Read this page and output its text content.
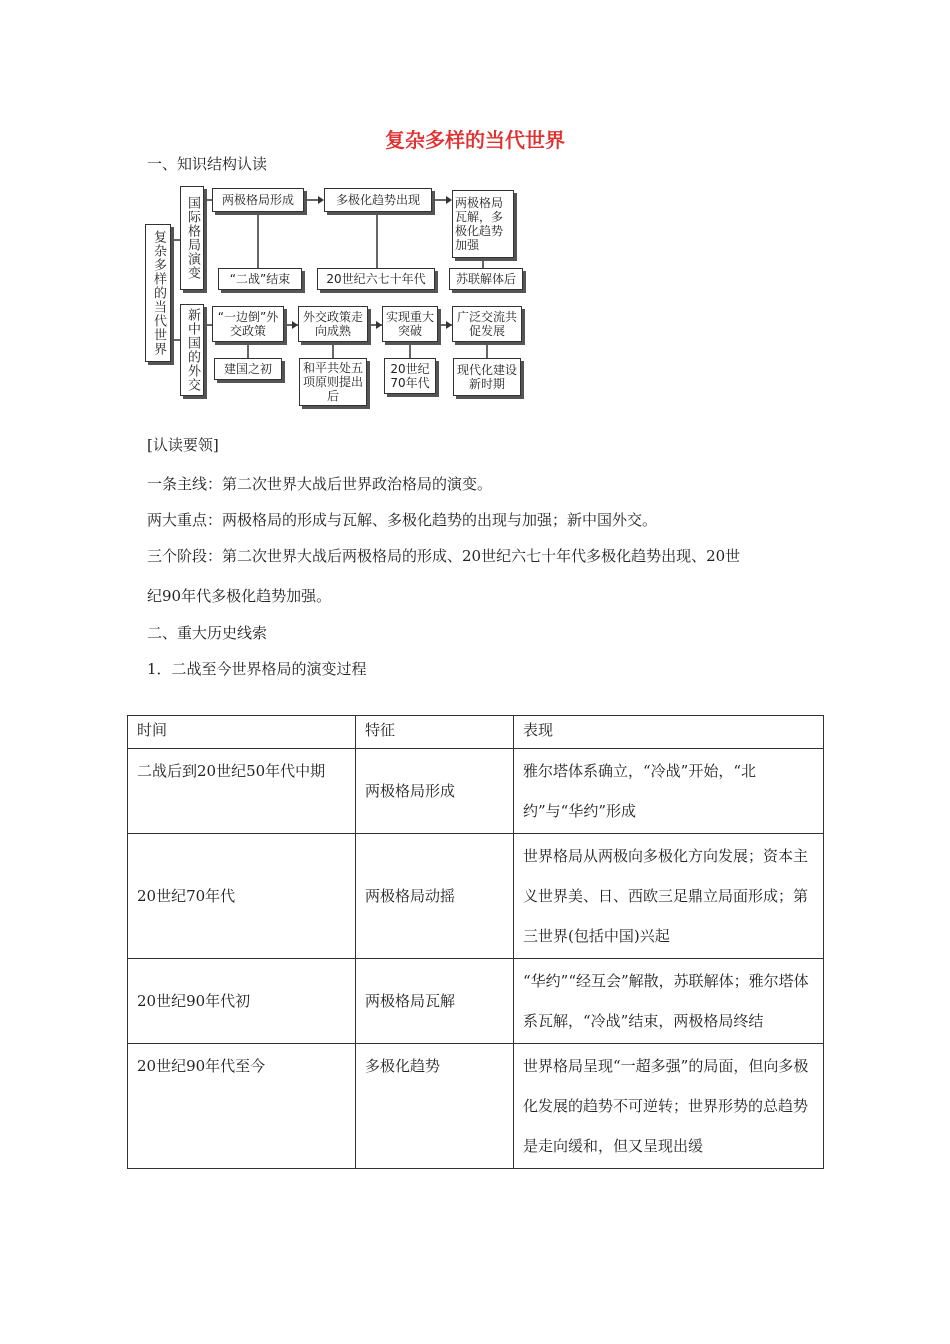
复杂多样的当代世界
一、知识结构认读
复杂多样的当代世界 国际格局演变
新中国的外交
两极格局形成	多极化趋势出现	两极格局瓦解，多极化趋势加强
“二战”结束	20世纪六七十年代	苏联解体后
“一边倒”外交政策
外交政策走向成熟
实现重大突破
广泛交流共促发展
建国之初	和平共处五项原则提出后
20世纪70年代
现代化建设新时期
[认读要领]
一条主线：第二次世界大战后世界政治格局的演变。
两大重点：两极格局的形成与瓦解、多极化趋势的出现与加强；新中国外交。
三个阶段：第二次世界大战后两极格局的形成、20世纪六七十年代多极化趋势出现、20世
纪90年代多极化趋势加强。
二、重大历史线索
1．二战至今世界格局的演变过程
时间	特征	表现
二战后到20世纪50年代中期	两极格局形成	雅尔塔体系确立，“冷战”开始，“北约”与“华约”形成
20世纪70年代	两极格局动摇	世界格局从两极向多极化方向发展；资本主义世界美、日、西欧三足鼎立局面形成；第三世界(包括中国)兴起
20世纪90年代初	两极格局瓦解	“华约”“经互会”解散，苏联解体；雅尔塔体系瓦解，“冷战”结束，两极格局终结
20世纪90年代至今	多极化趋势	世界格局呈现“一超多强”的局面，但向多极化发展的趋势不可逆转；世界形势的总趋势是走向缓和，但又呈现出缓
